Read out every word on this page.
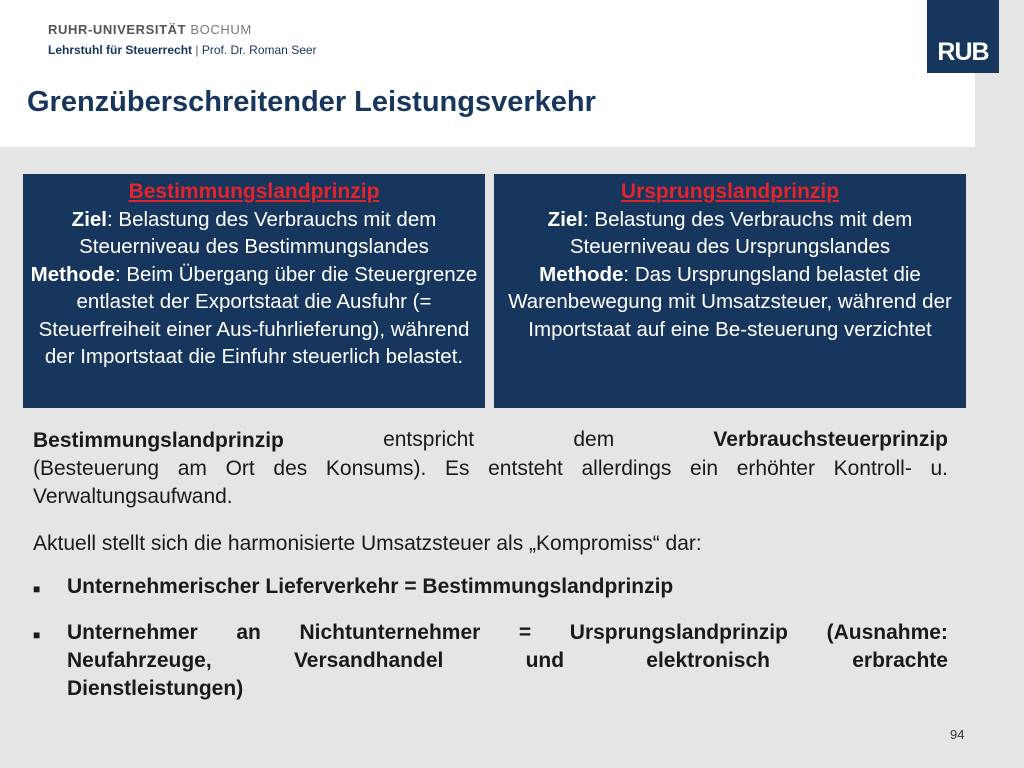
RUHR-UNIVERSITÄT BOCHUM
Lehrstuhl für Steuerrecht | Prof. Dr. Roman Seer
Grenzüberschreitender Leistungsverkehr
RUB
Bestimmungslandprinzip
Ziel: Belastung des Verbrauchs mit dem Steuerniveau des Bestimmungslandes
Methode: Beim Übergang über die Steuergrenze entlastet der Exportstaat die Ausfuhr (= Steuerfreiheit einer Aus-fuhrlieferung), während der Importstaat die Einfuhr steuerlich belastet.
Ursprungslandprinzip
Ziel: Belastung des Verbrauchs mit dem Steuerniveau des Ursprungslandes
Methode: Das Ursprungsland belastet die Warenbewegung mit Umsatzsteuer, während der Importstaat auf eine Be-steuerung verzichtet
Bestimmungslandprinzip	entspricht	dem	Verbrauchsteuerprinzip
(Besteuerung am Ort des Konsums). Es entsteht allerdings ein erhöhter Kontroll- u. Verwaltungsaufwand.
Aktuell stellt sich die harmonisierte Umsatzsteuer als „Kompromiss“ dar:
■	Unternehmerischer Lieferverkehr = Bestimmungslandprinzip
■	Unternehmer an Nichtunternehmer = Ursprungslandprinzip (Ausnahme:
Neufahrzeuge,	Versandhandel	und	elektronisch	erbrachte
Dienstleistungen)
94
